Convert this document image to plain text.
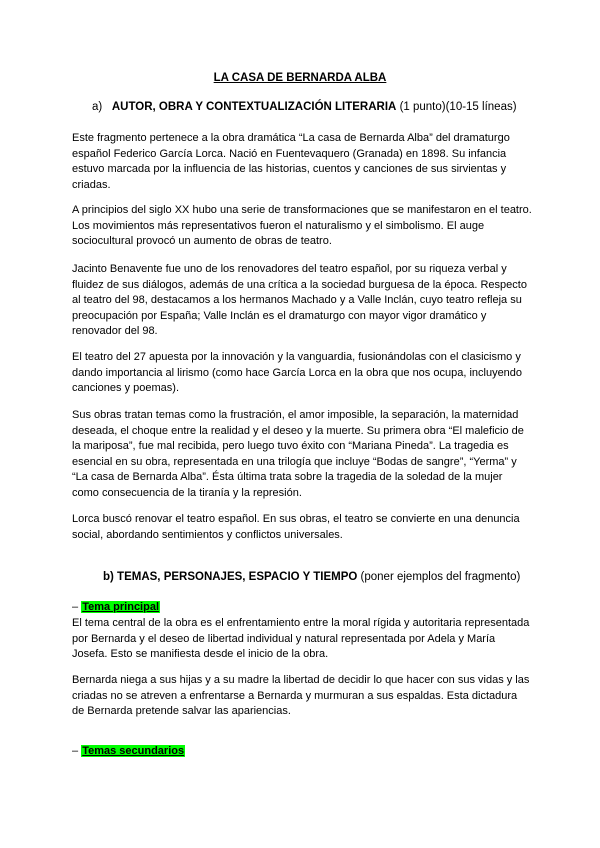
LA CASA DE BERNARDA ALBA
a) AUTOR, OBRA Y CONTEXTUALIZACIÓN LITERARIA (1 punto)(10-15 líneas)

Este fragmento pertenece a la obra dramática “La casa de Bernarda Alba” del dramaturgo español Federico García Lorca. Nació en Fuentevaquero (Granada) en 1898. Su infancia estuvo marcada por la influencia de las historias, cuentos y canciones de sus sirvientas y criadas.

A principios del siglo XX hubo una serie de transformaciones que se manifestaron en el teatro. Los movimientos más representativos fueron el naturalismo y el simbolismo. El auge sociocultural provocó un aumento de obras de teatro.

Jacinto Benavente fue uno de los renovadores del teatro español, por su riqueza verbal y fluidez de sus diálogos, además de una crítica a la sociedad burguesa de la época. Respecto al teatro del 98, destacamos a los hermanos Machado y a Valle Inclán, cuyo teatro refleja su preocupación por España; Valle Inclán es el dramaturgo con mayor vigor dramático y renovador del 98.

El teatro del 27 apuesta por la innovación y la vanguardia, fusionándolas con el clasicismo y dando importancia al lirismo (como hace García Lorca en la obra que nos ocupa, incluyendo canciones y poemas).

Sus obras tratan temas como la frustración, el amor imposible, la separación, la maternidad deseada, el choque entre la realidad y el deseo y la muerte. Su primera obra “El maleficio de la mariposa”, fue mal recibida, pero luego tuvo éxito con “Mariana Pineda”. La tragedia es esencial en su obra, representada en una trilogía que incluye “Bodas de sangre”, “Yerma” y “La casa de Bernarda Alba”. Ésta última trata sobre la tragedia de la soledad de la mujer como consecuencia de la tiranía y la represión.

Lorca buscó renovar el teatro español. En sus obras, el teatro se convierte en una denuncia social, abordando sentimientos y conflictos universales.

b) TEMAS, PERSONAJES, ESPACIO Y TIEMPO (poner ejemplos del fragmento)
– Tema principal

El tema central de la obra es el enfrentamiento entre la moral rígida y autoritaria representada por Bernarda y el deseo de libertad individual y natural representada por Adela y María Josefa. Esto se manifiesta desde el inicio de la obra.

Bernarda niega a sus hijas y a su madre la libertad de decidir lo que hacer con sus vidas y las criadas no se atreven a enfrentarse a Bernarda y murmuran a sus espaldas. Esta dictadura de Bernarda pretende salvar las apariencias.

– Temas secundarios
